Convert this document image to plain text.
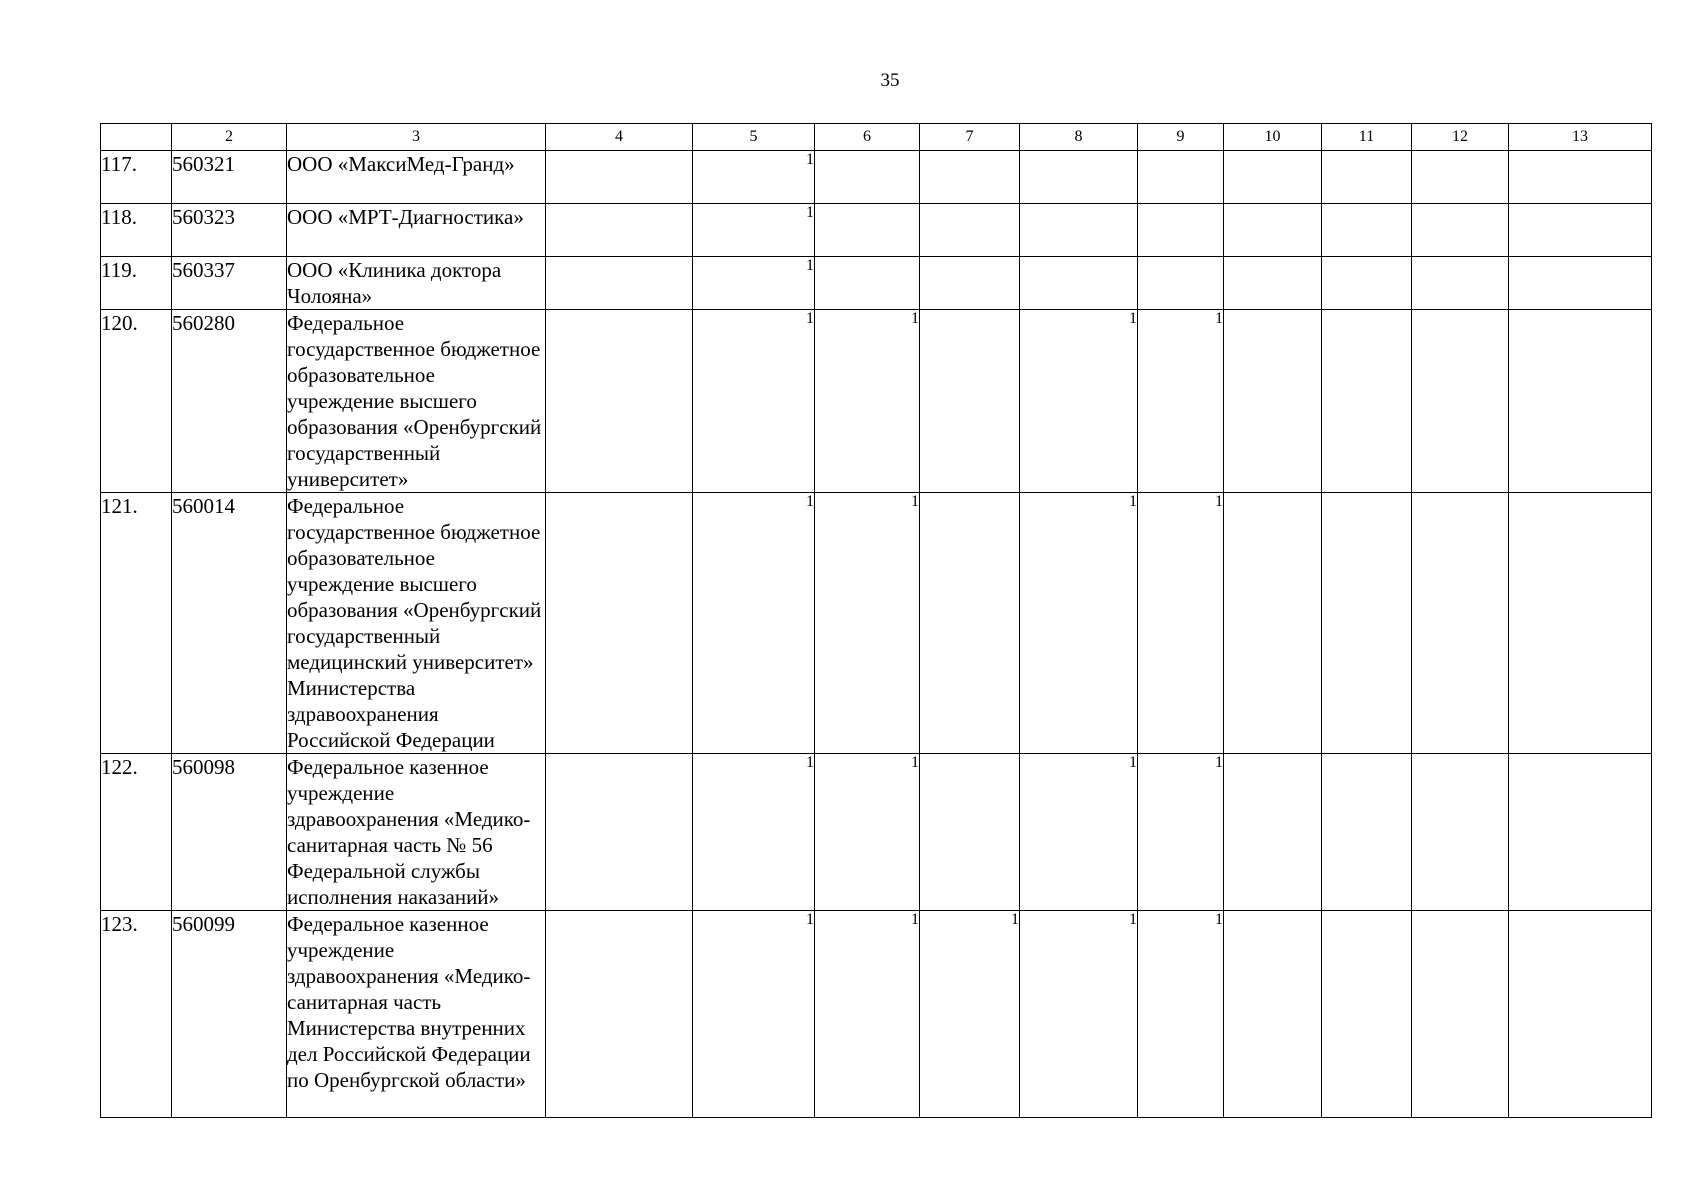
35
	2	3	4	5	6	7	8	9	10	11	12	13
117.	560321	ООО «МаксиМед-Гранд»		1								
118.	560323	ООО «МРТ-Диагностика»		1								
119.	560337	ООО «Клиника доктора Чолояна»		1								
120.	560280	Федеральное государственное бюджетное образовательное учреждение высшего образования «Оренбургский государственный университет»		1	1		1	1				
121.	560014	Федеральное государственное бюджетное образовательное учреждение высшего образования «Оренбургский государственный медицинский университет» Министерства здравоохранения Российской Федерации		1	1		1	1				
122.	560098	Федеральное казенное учреждение здравоохранения «Медико-санитарная часть № 56 Федеральной службы исполнения наказаний»		1	1		1	1				
123.	560099	Федеральное казенное учреждение здравоохранения «Медико-санитарная часть Министерства внутренних дел Российской Федерации по Оренбургской области»		1	1	1	1	1				
